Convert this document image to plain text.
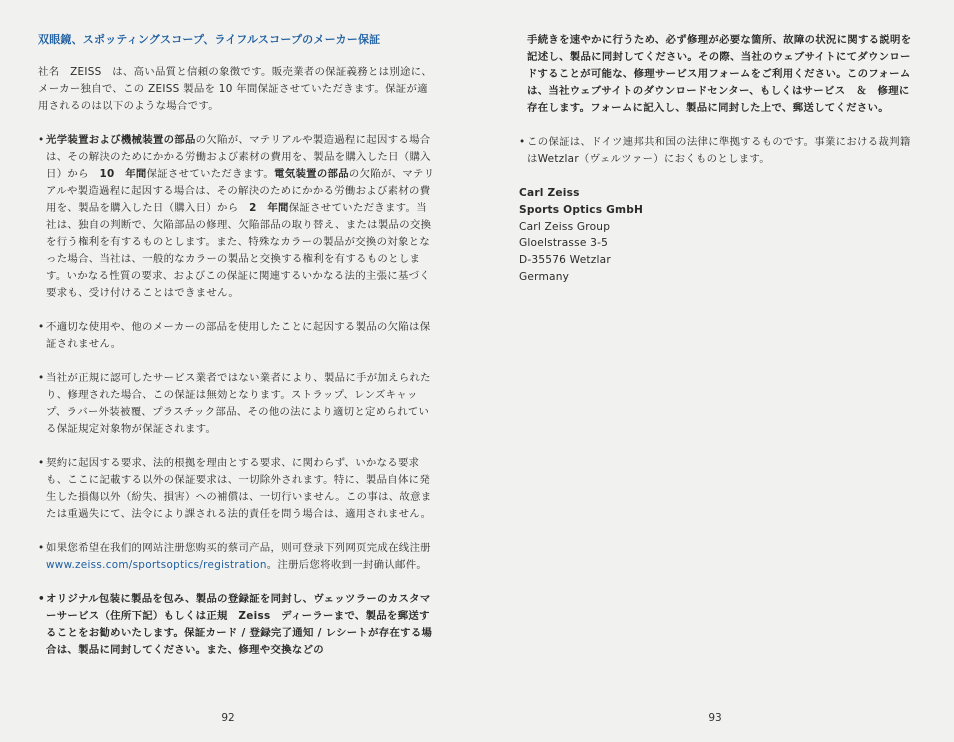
双眼鏡、スポッティングスコープ、ライフルスコープのメーカー保証

社名　ZEISS　は、高い品質と信頼の象徴です。販売業者の保証義務とは別途に、メーカー独自で、この ZEISS 製品を 10 年間保証させていただきます。保証が適用されるのは以下のような場合です。

• 光学装置および機械装置の部品の欠陥が、マテリアルや製造過程に起因する場合は、その解決のためにかかる労働および素材の費用を、製品を購入した日（購入日）から　10　年間保証させていただきます。電気装置の部品の欠陥が、マテリアルや製造過程に起因する場合は、その解決のためにかかる労働および素材の費用を、製品を購入した日（購入日）から　2　年間保証させていただきます。当社は、独自の判断で、欠陥部品の修理、欠陥部品の取り替え、または製品の交換を行う権利を有するものとします。また、特殊なカラーの製品が交換の対象となった場合、当社は、一般的なカラーの製品と交換する権利を有するものとします。いかなる性質の要求、およびこの保証に関連するいかなる法的主張に基づく要求も、受け付けることはできません。
• 不適切な使用や、他のメーカーの部品を使用したことに起因する製品の欠陥は保証されません。
• 当社が正規に認可したサービス業者ではない業者により、製品に手が加えられたり、修理された場合、この保証は無効となります。ストラップ、レンズキャップ、ラバー外装被覆、プラスチック部品、その他の法により適切と定められている保証規定対象物が保証されます。
• 契約に起因する要求、法的根拠を理由とする要求、に関わらず、いかなる要求も、ここに記載する以外の保証要求は、一切除外されます。特に、製品自体に発生した損傷以外（紛失、損害）への補償は、一切行いません。この事は、故意または重過失にて、法令により課される法的責任を問う場合は、適用されません。
• 如果您希望在我们的网站注册您购买的蔡司产品，则可登录下列网页完成在线注册　www.zeiss.com/sportsoptics/registration。注册后您将收到一封确认邮件。
• オリジナル包装に製品を包み、製品の登録証を同封し、ヴェッツラーのカスタマーサービス（住所下記）もしくは正規　Zeiss　ディーラーまで、製品を郵送することをお勧めいたします。保証カード / 登録完了通知 / レシートが存在する場合は、製品に同封してください。また、修理や交換などの
92

手続きを速やかに行うため、必ず修理が必要な箇所、故障の状況に関する説明を記述し、製品に同封してください。その際、当社のウェブサイトにてダウンロードすることが可能な、修理サービス用フォームをご利用ください。このフォームは、当社ウェブサイトのダウンロードセンター、もしくはサービス　＆　修理に存在します。フォームに記入し、製品に同封した上で、郵送してください。

• この保証は、ドイツ連邦共和国の法律に準拠するものです。事業における裁判籍はWetzlar（ヴェルツァー）におくものとします。
Carl Zeiss
Sports Optics GmbH
Carl Zeiss Group
Gloelstrasse 3-5
D-35576 Wetzlar
Germany
93
